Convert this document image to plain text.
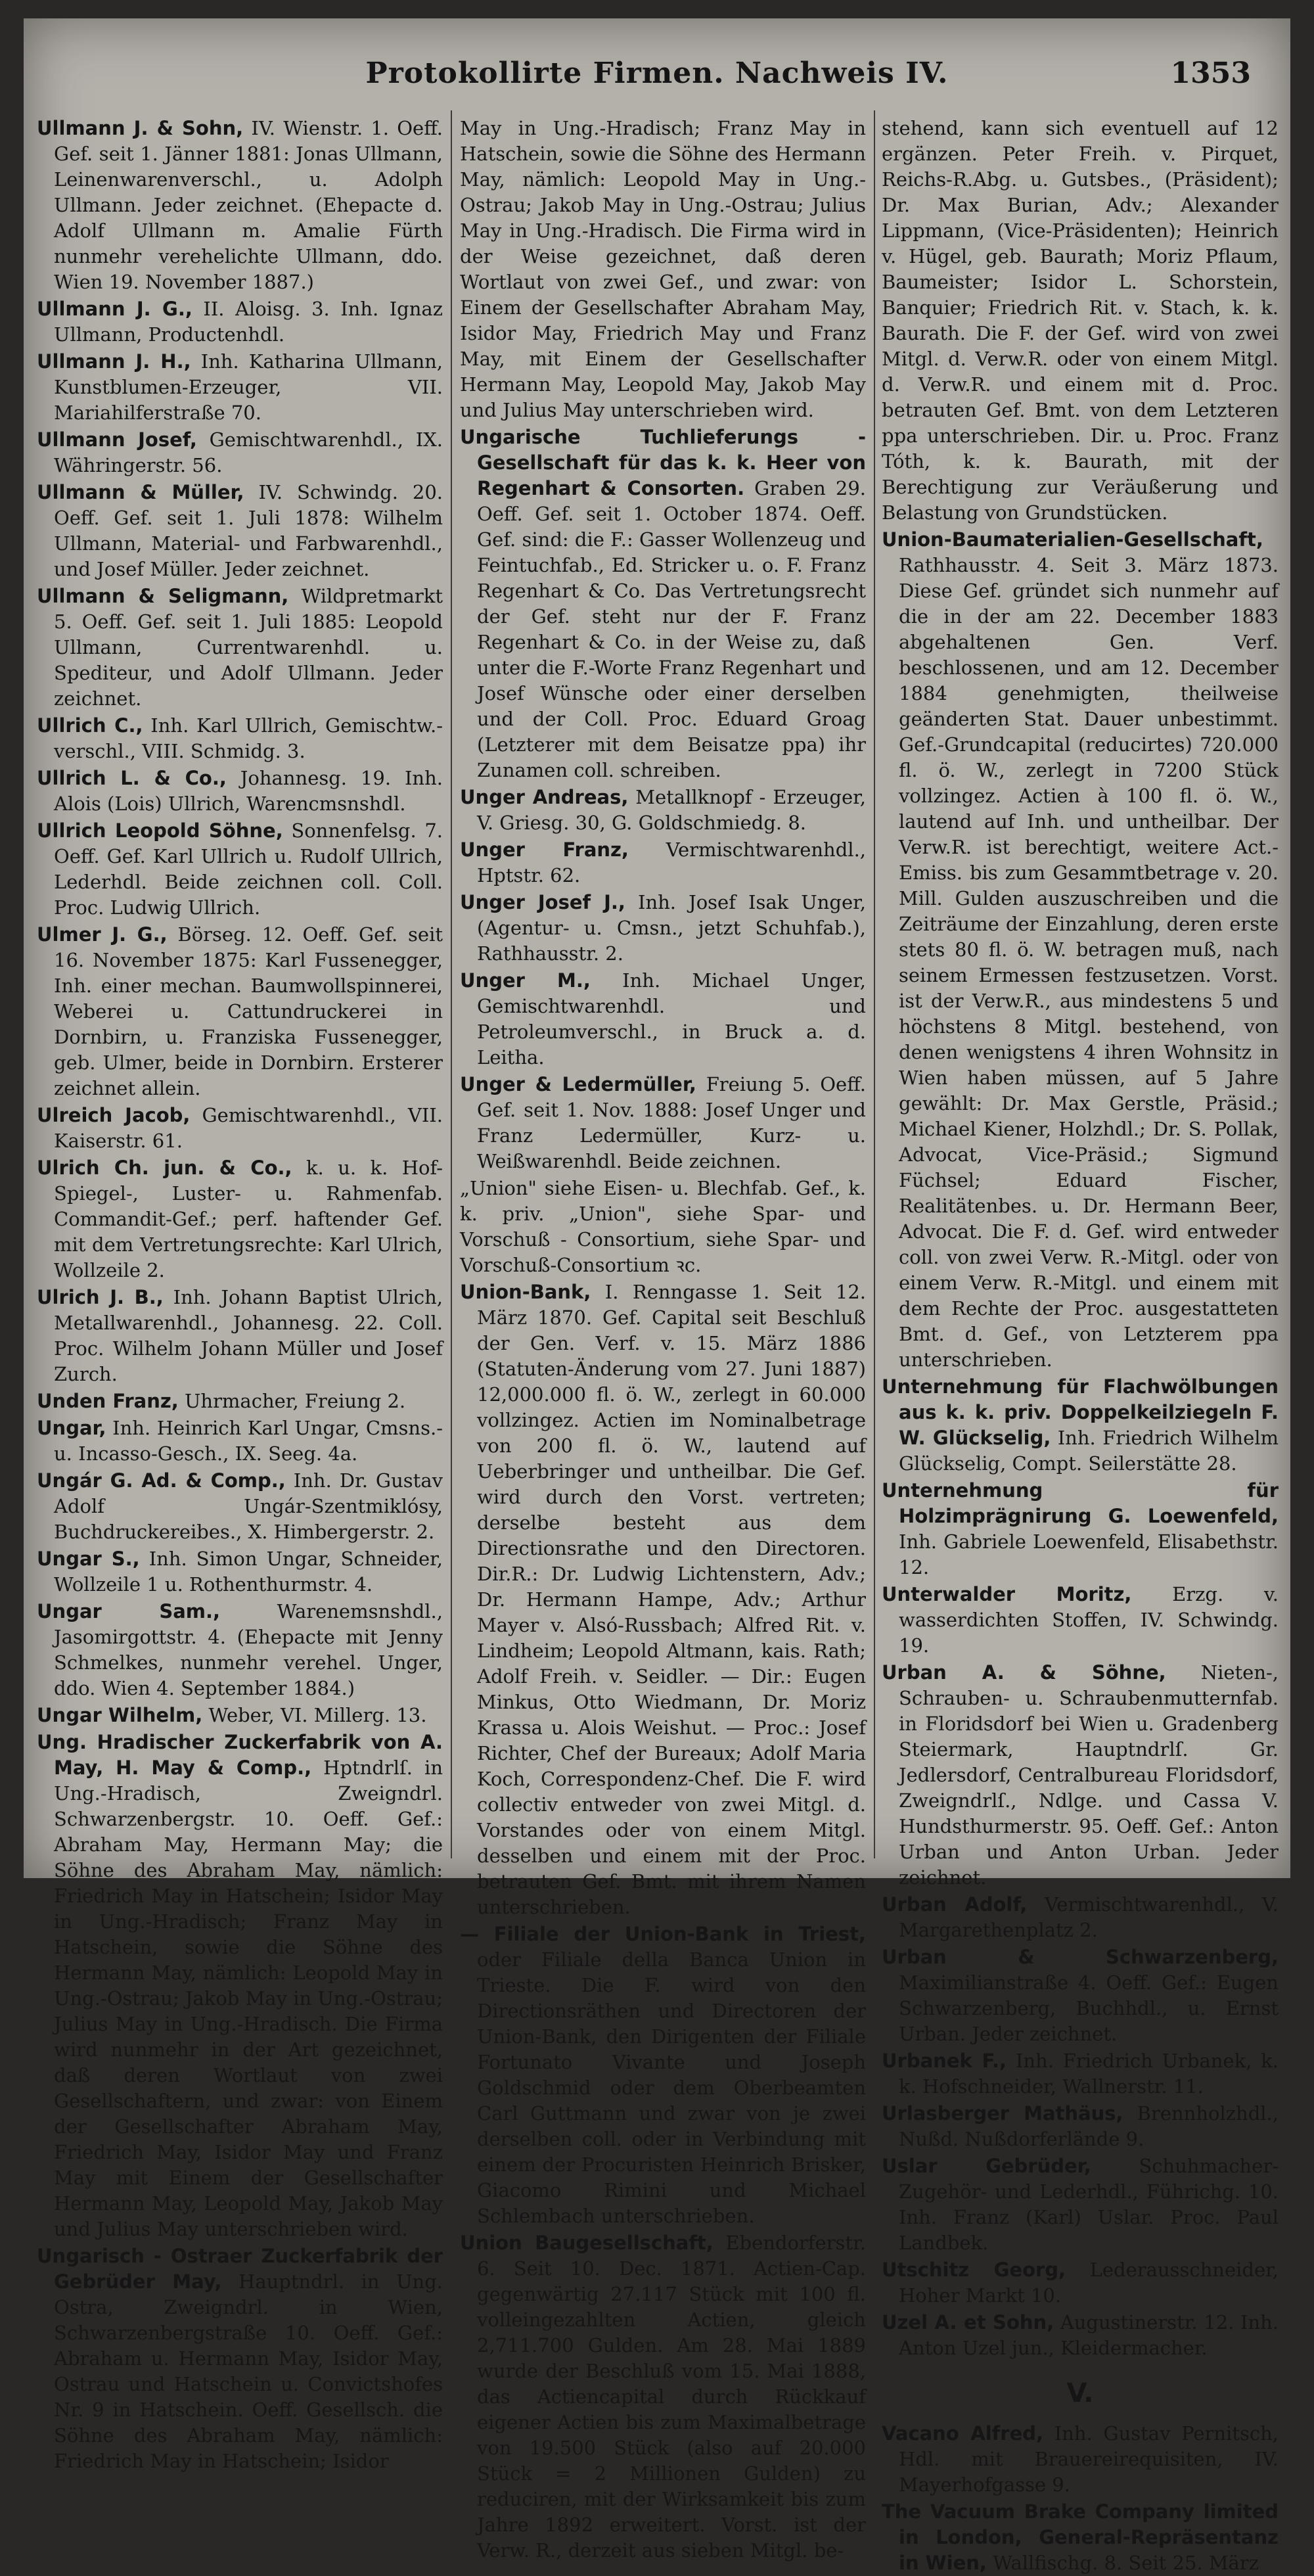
Protokollirte Firmen. Nachweis IV.	1353

Ullmann J. & Sohn, IV. Wienstr. 1. Oeff. Gef. seit 1. Jänner 1881: Jonas Ullmann, Leinenwarenverschl., u. Adolph Ullmann. Jeder zeichnet. (Ehepacte d. Adolf Ullmann m. Amalie Fürth nunmehr verehelichte Ullmann, ddo. Wien 19. November 1887.)

Ullmann J. G., II. Aloisg. 3. Inh. Ignaz Ullmann, Productenhdl.

Ullmann J. H., Inh. Katharina Ullmann, Kunstblumen-Erzeuger, VII. Mariahilferstraße 70.

Ullmann Josef, Gemischtwarenhdl., IX. Währingerstr. 56.

Ullmann & Müller, IV. Schwindg. 20. Oeff. Gef. seit 1. Juli 1878: Wilhelm Ullmann, Material- und Farbwarenhdl., und Josef Müller. Jeder zeichnet.

Ullmann & Seligmann, Wildpretmarkt 5. Oeff. Gef. seit 1. Juli 1885: Leopold Ullmann, Currentwarenhdl. u. Spediteur, und Adolf Ullmann. Jeder zeichnet.

Ullrich C., Inh. Karl Ullrich, Gemischtw.-verschl., VIII. Schmidg. 3.

Ullrich L. & Co., Johannesg. 19. Inh. Alois (Lois) Ullrich, Warencmsnshdl.

Ullrich Leopold Söhne, Sonnenfelsg. 7. Oeff. Gef. Karl Ullrich u. Rudolf Ullrich, Lederhdl. Beide zeichnen coll. Coll. Proc. Ludwig Ullrich.

Ulmer J. G., Börseg. 12. Oeff. Gef. seit 16. November 1875: Karl Fussenegger, Inh. einer mechan. Baumwollspinnerei, Weberei u. Cattundruckerei in Dornbirn, u. Franziska Fussenegger, geb. Ulmer, beide in Dornbirn. Ersterer zeichnet allein.

Ulreich Jacob, Gemischtwarenhdl., VII. Kaiserstr. 61.

Ulrich Ch. jun. & Co., k. u. k. Hof-Spiegel-, Luster- u. Rahmenfab. Commandit-Gef.; perf. haftender Gef. mit dem Vertretungsrechte: Karl Ulrich, Wollzeile 2.

Ulrich J. B., Inh. Johann Baptist Ulrich, Metallwarenhdl., Johannesg. 22. Coll. Proc. Wilhelm Johann Müller und Josef Zurch.

Unden Franz, Uhrmacher, Freiung 2.

Ungar, Inh. Heinrich Karl Ungar, Cmsns.- u. Incasso-Gesch., IX. Seeg. 4a.

Ungár G. Ad. & Comp., Inh. Dr. Gustav Adolf Ungár-Szentmiklósy, Buchdruckereibes., X. Himbergerstr. 2.

Ungar S., Inh. Simon Ungar, Schneider, Wollzeile 1 u. Rothenthurmstr. 4.

Ungar Sam.,	Warenemsnshdl., Jasomirgottstr. 4. (Ehepacte mit Jenny Schmelkes, nunmehr verehel. Unger, ddo. Wien 4. September 1884.)

Ungar Wilhelm, Weber, VI. Millerg. 13.

Ung. Hradischer Zuckerfabrik von A. May, H. May & Comp., Hptndrlſ. in Ung.-Hradisch, Zweigndrl. Schwarzenbergstr. 10. Oeff. Gef.: Abraham May, Hermann May; die Söhne des Abraham May, nämlich: Friedrich May in Hatschein; Isidor May in Ung.-Hradisch; Franz May in Hatschein, sowie die Söhne des Hermann May, nämlich: Leopold May in Ung.-Ostrau; Jakob May in Ung.-Ostrau; Julius May in Ung.-Hradisch. Die Firma wird nunmehr in der Art gezeichnet, daß deren Wortlaut von zwei Gesellschaftern, und zwar: von Einem der Gesellschafter Abraham May, Friedrich May, Isidor May und Franz May mit Einem der Gesellschafter Hermann May, Leopold May, Jakob May und Julius May unterschrieben wird.

Ungarisch - Ostraer Zuckerfabrik der Gebrüder May, Hauptndrl. in Ung. Ostra, Zweigndrl. in Wien, Schwarzenbergstraße 10. Oeff. Gef.: Abraham u. Hermann May, Isidor May, Ostrau und Hatschein u. Convictshofes Nr. 9 in Hatschein. Oeff. Gesellsch. die Söhne des Abraham May, nämlich: Friedrich May in Hatschein; Isidor

May in Ung.-Hradisch; Franz May in Hatschein, sowie die Söhne des Hermann May, nämlich: Leopold May in Ung.-Ostrau; Jakob May in Ung.-Ostrau; Julius May in Ung.-Hradisch. Die Firma wird in der Weise gezeichnet, daß deren Wortlaut von zwei Gef., und zwar: von Einem der Gesellschafter Abraham May, Isidor May, Friedrich May und Franz May, mit Einem der Gesellschafter Hermann May, Leopold May, Jakob May und Julius May unterschrieben wird.

Ungarische Tuchlieferungs - Gesellschaft für das k. k. Heer von Regenhart & Consorten. Graben 29. Oeff. Gef. seit 1. October 1874. Oeff. Gef. sind: die F.: Gasser Wollenzeug und Feintuchfab., Ed. Stricker u. o. F. Franz Regenhart & Co. Das Vertretungsrecht der Gef. steht nur der F. Franz Regenhart & Co. in der Weise zu, daß unter die F.-Worte Franz Regenhart und Josef Wünsche oder einer derselben und der Coll. Proc. Eduard Groag (Letzterer mit dem Beisatze ppa) ihr Zunamen coll. schreiben.

Unger Andreas, Metallknopf - Erzeuger, V. Griesg. 30, G. Goldschmiedg. 8.

Unger Franz, Vermischtwarenhdl., Hptstr. 62.

Unger Josef J., Inh. Josef Isak Unger, (Agentur- u. Cmsn., jetzt Schuhfab.), Rathhausstr. 2.

Unger M., Inh. Michael Unger, Gemischtwarenhdl. und Petroleumverschl., in Bruck a. d. Leitha.

Unger & Ledermüller, Freiung 5. Oeff. Gef. seit 1. Nov. 1888: Josef Unger und Franz Ledermüller, Kurz- u. Weißwarenhdl. Beide zeichnen.

„Union" siehe Eisen- u. Blechfab. Gef., k. k. priv. „Union", siehe Spar- und Vorschuß - Consortium, siehe Spar- und Vorschuß-Consortium ꝛc.

Union-Bank, I. Renngasse 1. Seit 12. März 1870. Gef. Capital seit Beschluß der Gen. Verf. v. 15. März 1886 (Statuten-Änderung vom 27. Juni 1887) 12,000.000 fl. ö. W., zerlegt in 60.000 vollzingez. Actien im Nominalbetrage von 200 fl. ö. W., lautend auf Ueberbringer und untheilbar. Die Gef. wird durch den Vorst. vertreten; derselbe besteht aus dem Directionsrathe und den Directoren. Dir.R.: Dr. Ludwig Lichtenstern, Adv.; Dr. Hermann Hampe, Adv.; Arthur Mayer v. Alsó-Russbach; Alfred Rit. v. Lindheim; Leopold Altmann, kais. Rath; Adolf Freih. v. Seidler. — Dir.: Eugen Minkus, Otto Wiedmann, Dr. Moriz Krassa u. Alois Weishut. — Proc.: Josef Richter, Chef der Bureaux; Adolf Maria Koch, Correspondenz-Chef. Die F. wird collectiv entweder von zwei Mitgl. d. Vorstandes oder von einem Mitgl. desselben und einem mit der Proc. betrauten Gef. Bmt. mit ihrem Namen unterschrieben.

— Filiale der Union-Bank in Triest, oder Filiale della Banca Union in Trieste. Die F. wird von den Directionsräthen und Directoren der Union-Bank, den Dirigenten der Filiale Fortunato Vivante und Joseph Goldschmid oder dem Oberbeamten Carl Guttmann und zwar von je zwei derselben coll. oder in Verbindung mit einem der Procuristen Heinrich Brisker, Giacomo Rimini und Michael Schlembach unterschrieben.

Union Baugesellschaft, Ebendorferstr. 6. Seit 10. Dec. 1871. Actien-Cap. gegenwärtig 27.117 Stück mit 100 fl. volleingezahlten Actien, gleich 2,711.700 Gulden. Am 28. Mai 1889 wurde der Beschluß vom 15. Mai 1888, das Actiencapital durch Rückkauf eigener Actien bis zum Maximalbetrage von 19.500 Stück (also auf 20.000 Stück = 2 Millionen Gulden) zu reduciren, mit der Wirksamkeit bis zum Jahre 1892 erweitert. Vorst. ist der Verw. R., derzeit aus sieben Mitgl. be-

stehend, kann sich eventuell auf 12 ergänzen. Peter Freih. v. Pirquet, Reichs-R.Abg. u. Gutsbes., (Präsident); Dr. Max Burian, Adv.; Alexander Lippmann, (Vice-Präsidenten); Heinrich v. Hügel, geb. Baurath; Moriz Pflaum, Baumeister; Isidor L. Schorstein, Banquier; Friedrich Rit. v. Stach, k. k. Baurath. Die F. der Gef. wird von zwei Mitgl. d. Verw.R. oder von einem Mitgl. d. Verw.R. und einem mit d. Proc. betrauten Gef. Bmt. von dem Letzteren ppa unterschrieben. Dir. u. Proc. Franz Tóth, k. k. Baurath, mit der Berechtigung zur Veräußerung und Belastung von Grundstücken.

Union-Baumaterialien-Gesellschaft, Rathhausstr. 4. Seit 3. März 1873. Diese Gef. gründet sich nunmehr auf die in der am 22. December 1883 abgehaltenen Gen. Verf. beschlossenen, und am 12. December 1884 genehmigten, theilweise geänderten Stat. Dauer unbestimmt. Gef.-Grundcapital (reducirtes) 720.000 fl. ö. W., zerlegt in 7200 Stück vollzingez. Actien à 100 fl. ö. W., lautend auf Inh. und untheilbar. Der Verw.R. ist berechtigt, weitere Act.-Emiss. bis zum Gesammtbetrage v. 20. Mill. Gulden auszuschreiben und die Zeiträume der Einzahlung, deren erste stets 80 fl. ö. W. betragen muß, nach seinem Ermessen festzusetzen. Vorst. ist der Verw.R., aus mindestens 5 und höchstens 8 Mitgl. bestehend, von denen wenigstens 4 ihren Wohnsitz in Wien haben müssen, auf 5 Jahre gewählt: Dr. Max Gerstle, Präsid.; Michael Kiener, Holzhdl.; Dr. S. Pollak, Advocat, Vice-Präsid.; Sigmund Füchsel; Eduard Fischer, Realitätenbes. u. Dr. Hermann Beer, Advocat. Die F. d. Gef. wird entweder coll. von zwei Verw. R.-Mitgl. oder von einem Verw. R.-Mitgl. und einem mit dem Rechte der Proc. ausgestatteten Bmt. d. Gef., von Letzterem ppa unterschrieben.

Unternehmung für Flachwölbungen aus k. k. priv. Doppelkeilziegeln F. W. Glückselig, Inh. Friedrich Wilhelm Glückselig, Compt. Seilerstätte 28.

Unternehmung für Holzimprägnirung G. Loewenfeld, Inh. Gabriele Loewenfeld, Elisabethstr. 12.

Unterwalder Moritz, Erzg. v. wasserdichten Stoffen, IV. Schwindg. 19.

Urban A. & Söhne, Nieten-, Schrauben- u. Schraubenmutternfab. in Floridsdorf bei Wien u. Gradenberg Steiermark, Hauptndrlſ. Gr. Jedlersdorf, Centralbureau Floridsdorf, Zweigndrlſ., Ndlge. und Cassa V. Hundsthurmerstr. 95. Oeff. Gef.: Anton Urban und Anton Urban. Jeder zeichnet.

Urban Adolf, Vermischtwarenhdl., V. Margarethenplatz 2.

Urban & Schwarzenberg, Maximilianstraße 4. Oeff. Gef.: Eugen Schwarzenberg, Buchhdl., u. Ernst Urban. Jeder zeichnet.

Urbanek F., Inh. Friedrich Urbanek, k. k. Hofschneider, Wallnerstr. 11.

Urlasberger Mathäus, Brennholzhdl., Nußd. Nußdorferlände 9.

Uslar Gebrüder,	Schuhmacher-Zugehör- und Lederhdl., Führichg. 10. Inh. Franz (Karl) Uslar. Proc. Paul Landbek.

Utschitz Georg, Lederausschneider, Hoher Markt 10.

Uzel A. et Sohn, Augustinerstr. 12. Inh. Anton Uzel jun., Kleidermacher.

V.

Vacano Alfred, Inh. Gustav Pernitsch, Hdl. mit Brauereirequisiten, IV. Mayerhofgasse 9.

The Vacuum Brake Company limited in London, General-Repräsentanz in Wien, Wallfischg. 8. Seit 25. März
